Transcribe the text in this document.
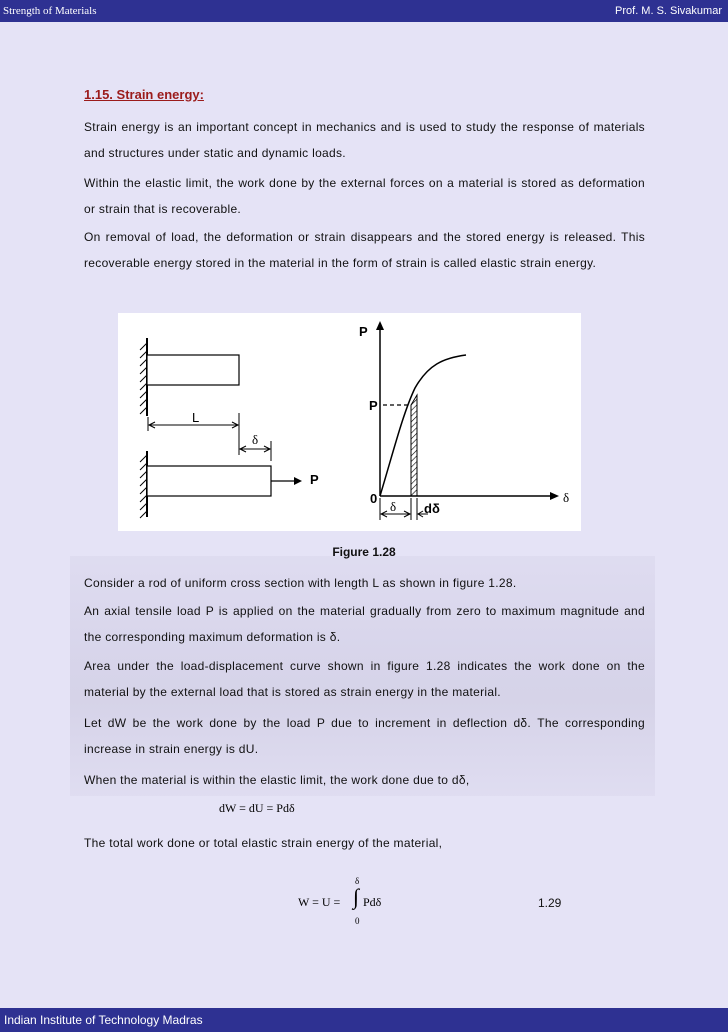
Strength of Materials	Prof. M. S. Sivakumar
1.15. Strain energy:
Strain energy is an important concept in mechanics and is used to study the response of materials and structures under static and dynamic loads.
Within the elastic limit, the work done by the external forces on a material is stored as deformation or strain that is recoverable.
On removal of load, the deformation or strain disappears and the stored energy is released. This recoverable energy stored in the material in the form of strain is called elastic strain energy.
L
δ
P
P
δ
0
P
δ dδ
Figure 1.28
Consider a rod of uniform cross section with length L as shown in figure 1.28.
An axial tensile load P is applied on the material gradually from zero to maximum magnitude and the corresponding maximum deformation is δ.
Area under the load-displacement curve shown in figure 1.28 indicates the work done on the material by the external load that is stored as strain energy in the material.
Let dW be the work done by the load P due to increment in deflection dδ. The corresponding increase in strain energy is dU.
When the material is within the elastic limit, the work done due to dδ,
dW = dU = Pdδ
The total work done or total elastic strain energy of the material,
W = U =
δ
∫
0
Pdδ	1.29
Indian Institute of Technology Madras
